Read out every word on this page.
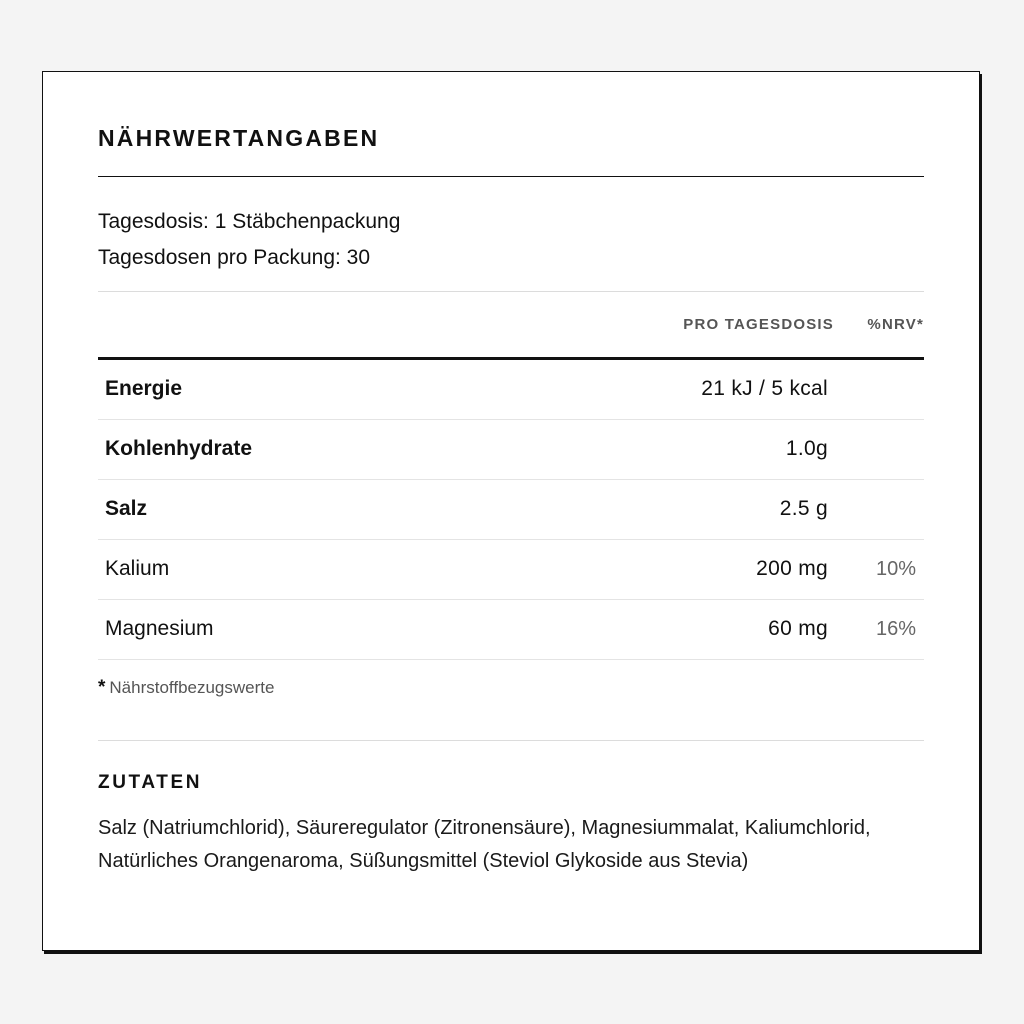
NÄHRWERTANGABEN
Tagesdosis: 1 Stäbchenpackung
Tagesdosen pro Packung: 30
PRO TAGESDOSIS %NRV*
Energie	21 kJ / 5 kcal
Kohlenhydrate	1.0g
Salz	2.5 g
Kalium	200 mg 10%
Magnesium	60 mg 16%
* Nährstoffbezugswerte
ZUTATEN
Salz (Natriumchlorid), Säureregulator (Zitronensäure), Magnesiummalat, Kaliumchlorid, Natürliches Orangenaroma, Süßungsmittel (Steviol Glykoside aus Stevia)
